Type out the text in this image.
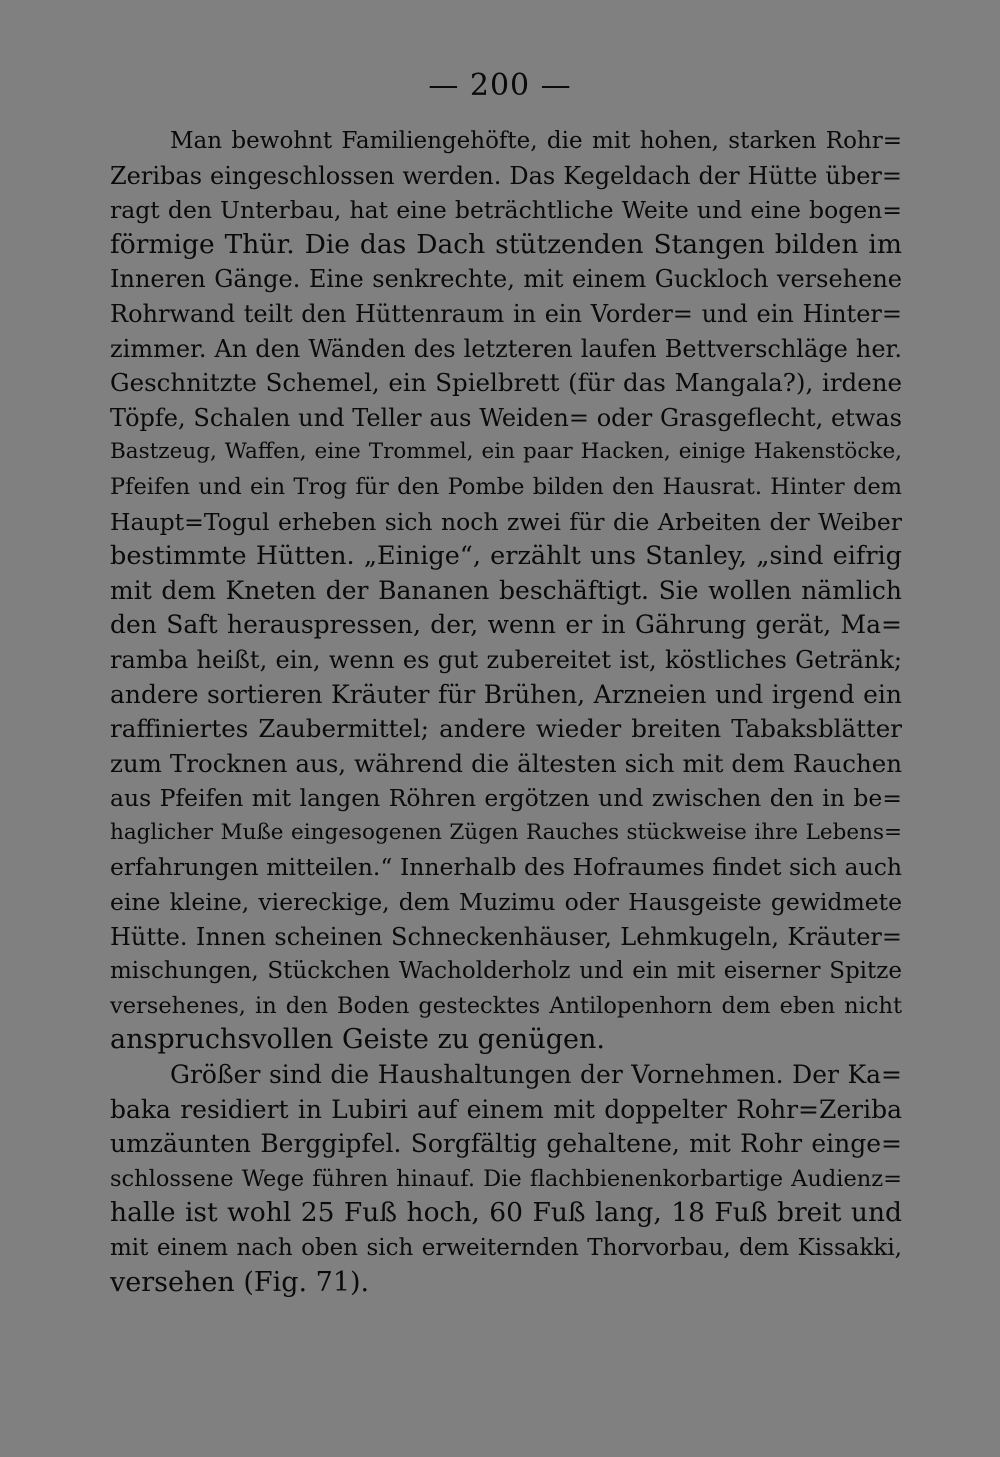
— 200 —
Man bewohnt Familiengehöfte, die mit hohen, starken Rohr=
Zeribas eingeschlossen werden. Das Kegeldach der Hütte über=
ragt den Unterbau, hat eine beträchtliche Weite und eine bogen=
förmige Thür. Die das Dach stützenden Stangen bilden im
Inneren Gänge. Eine senkrechte, mit einem Guckloch versehene
Rohrwand teilt den Hüttenraum in ein Vorder= und ein Hinter=
zimmer. An den Wänden des letzteren laufen Bettverschläge her.
Geschnitzte Schemel, ein Spielbrett (für das Mangala?), irdene
Töpfe, Schalen und Teller aus Weiden= oder Grasgeflecht, etwas
Bastzeug, Waffen, eine Trommel, ein paar Hacken, einige Hakenstöcke,
Pfeifen und ein Trog für den Pombe bilden den Hausrat. Hinter dem
Haupt=Togul erheben sich noch zwei für die Arbeiten der Weiber
bestimmte Hütten. „Einige“, erzählt uns Stanley, „sind eifrig
mit dem Kneten der Bananen beschäftigt. Sie wollen nämlich
den Saft herauspressen, der, wenn er in Gährung gerät, Ma=
ramba heißt, ein, wenn es gut zubereitet ist, köstliches Getränk;
andere sortieren Kräuter für Brühen, Arzneien und irgend ein
raffiniertes Zaubermittel; andere wieder breiten Tabaksblätter
zum Trocknen aus, während die ältesten sich mit dem Rauchen
aus Pfeifen mit langen Röhren ergötzen und zwischen den in be=
haglicher Muße eingesogenen Zügen Rauches stückweise ihre Lebens=
erfahrungen mitteilen.“ Innerhalb des Hofraumes findet sich auch
eine kleine, viereckige, dem Muzimu oder Hausgeiste gewidmete
Hütte. Innen scheinen Schneckenhäuser, Lehmkugeln, Kräuter=
mischungen, Stückchen Wacholderholz und ein mit eiserner Spitze
versehenes, in den Boden gestecktes Antilopenhorn dem eben nicht
anspruchsvollen Geiste zu genügen.
Größer sind die Haushaltungen der Vornehmen. Der Ka=
baka residiert in Lubiri auf einem mit doppelter Rohr=Zeriba
umzäunten Berggipfel. Sorgfältig gehaltene, mit Rohr einge=
schlossene Wege führen hinauf. Die flachbienenkorbartige Audienz=
halle ist wohl 25 Fuß hoch, 60 Fuß lang, 18 Fuß breit und
mit einem nach oben sich erweiternden Thorvorbau, dem Kissakki,
versehen (Fig. 71).
